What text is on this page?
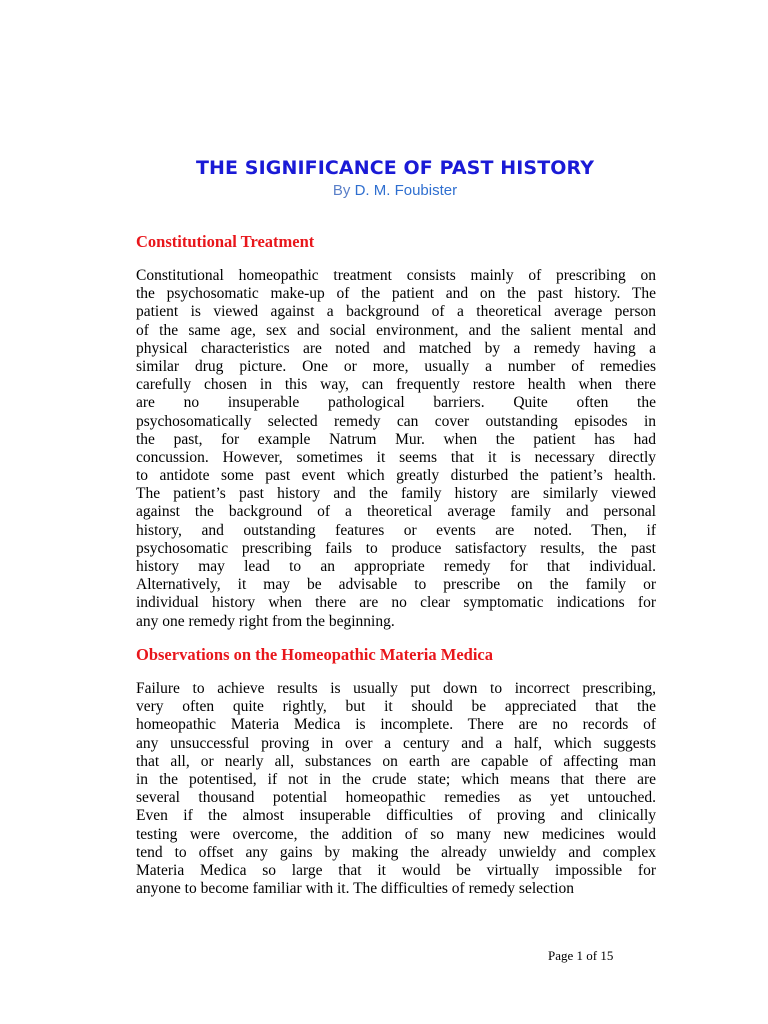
THE SIGNIFICANCE OF PAST HISTORY
By D. M. Foubister
Constitutional Treatment
Constitutional homeopathic treatment consists mainly of prescribing on
the psychosomatic make-up of the patient and on the past history. The
patient is viewed against a background of a theoretical average person
of the same age, sex and social environment, and the salient mental and
physical characteristics are noted and matched by a remedy having a
similar drug picture. One or more, usually a number of remedies
carefully chosen in this way, can frequently restore health when there
are no insuperable pathological barriers. Quite often the
psychosomatically selected remedy can cover outstanding episodes in
the past, for example Natrum Mur. when the patient has had
concussion. However, sometimes it seems that it is necessary directly
to antidote some past event which greatly disturbed the patient’s health.
The patient’s past history and the family history are similarly viewed
against the background of a theoretical average family and personal
history, and outstanding features or events are noted. Then, if
psychosomatic prescribing fails to produce satisfactory results, the past
history may lead to an appropriate remedy for that individual.
Alternatively, it may be advisable to prescribe on the family or
individual history when there are no clear symptomatic indications for
any one remedy right from the beginning.
Observations on the Homeopathic Materia Medica
Failure to achieve results is usually put down to incorrect prescribing,
very often quite rightly, but it should be appreciated that the
homeopathic Materia Medica is incomplete. There are no records of
any unsuccessful proving in over a century and a half, which suggests
that all, or nearly all, substances on earth are capable of affecting man
in the potentised, if not in the crude state; which means that there are
several thousand potential homeopathic remedies as yet untouched.
Even if the almost insuperable difficulties of proving and clinically
testing were overcome, the addition of so many new medicines would
tend to offset any gains by making the already unwieldy and complex
Materia Medica so large that it would be virtually impossible for
anyone to become familiar with it. The difficulties of remedy selection
Page 1 of 15
